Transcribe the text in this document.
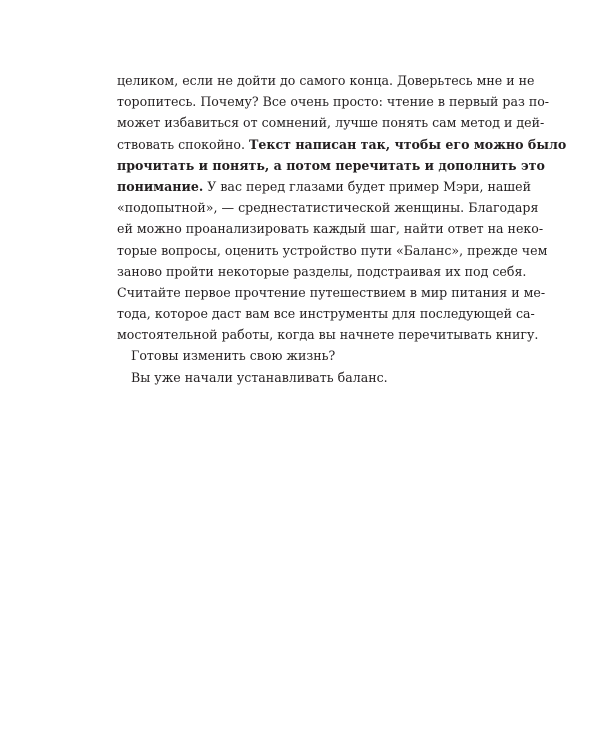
целиком, если не дойти до самого конца. Доверьтесь мне и не
торопитесь. Почему? Все очень просто: чтение в первый раз по-
может избавиться от сомнений, лучше понять сам метод и дей-
ствовать спокойно. Текст написан так, чтобы его можно было
прочитать и понять, а потом перечитать и дополнить это
понимание. У вас перед глазами будет пример Мэри, нашей
«подопытной», — среднестатистической женщины. Благодаря
ей можно проанализировать каждый шаг, найти ответ на неко-
торые вопросы, оценить устройство пути «Баланс», прежде чем
заново пройти некоторые разделы, подстраивая их под себя.
Считайте первое прочтение путешествием в мир питания и ме-
тода, которое даст вам все инструменты для последующей са-
мостоятельной работы, когда вы начнете перечитывать книгу.
Готовы изменить свою жизнь?
Вы уже начали устанавливать баланс.
